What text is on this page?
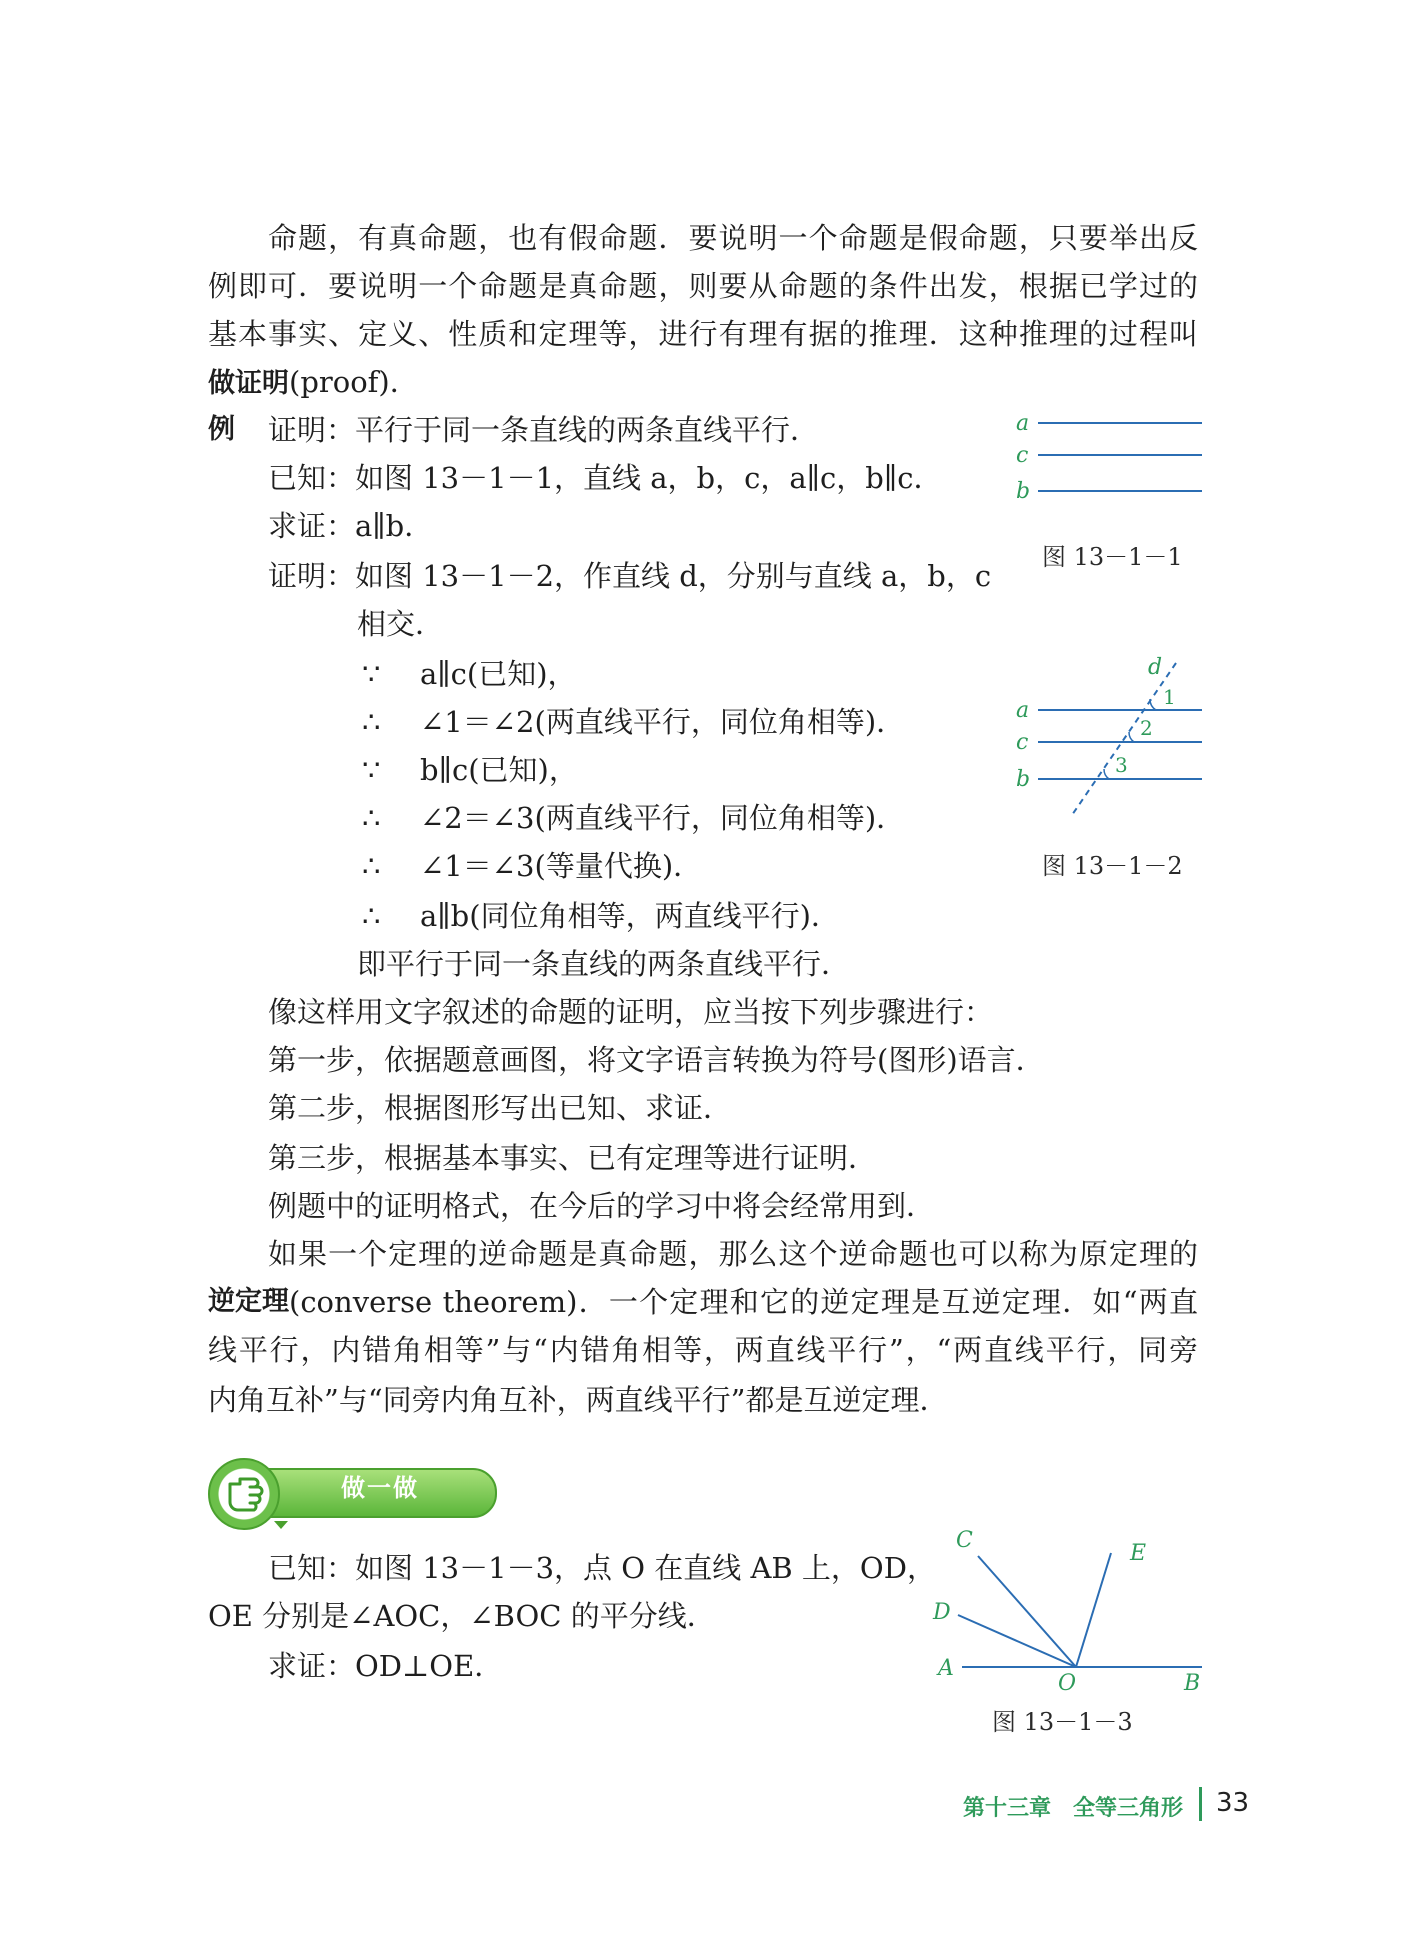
命题，有真命题，也有假命题．要说明一个命题是假命题，只要举出反
例即可．要说明一个命题是真命题，则要从命题的条件出发，根据已学过的
基本事实、定义、性质和定理等，进行有理有据的推理．这种推理的过程叫
做证明(proof)．
例 证明：平行于同一条直线的两条直线平行．
已知：如图 13－1－1，直线 a，b，c，a∥c，b∥c．
求证：a∥b．
证明：如图 13－1－2，作直线 d，分别与直线 a，b，c
相交．
∵ a∥c(已知)，
∴ ∠1＝∠2(两直线平行，同位角相等)．
∵ b∥c(已知)，
∴ ∠2＝∠3(两直线平行，同位角相等)．
∴ ∠1＝∠3(等量代换)．
∴ a∥b(同位角相等，两直线平行)．
即平行于同一条直线的两条直线平行．
像这样用文字叙述的命题的证明，应当按下列步骤进行：
第一步，依据题意画图，将文字语言转换为符号(图形)语言．
第二步，根据图形写出已知、求证．
第三步，根据基本事实、已有定理等进行证明．
例题中的证明格式，在今后的学习中将会经常用到．
如果一个定理的逆命题是真命题，那么这个逆命题也可以称为原定理的
逆定理 (converse theorem)．一个定理和它的逆定理是互逆定理．如“两直
线平行，内错角相等”与“内错角相等，两直线平行”，“两直线平行，同旁
内角互补”与“同旁内角互补，两直线平行”都是互逆定理．
做一做
已知：如图 13－1－3，点 O 在直线 AB 上，OD，
OE 分别是∠AOC，∠BOC 的平分线．
求证：OD⊥OE．
a
c
b
图 13－1－1
a
c
b
d
1
2
3
图 13－1－2
C
E
D
A
O	B
图 13－1－3
第十三章 全等三角形 33
